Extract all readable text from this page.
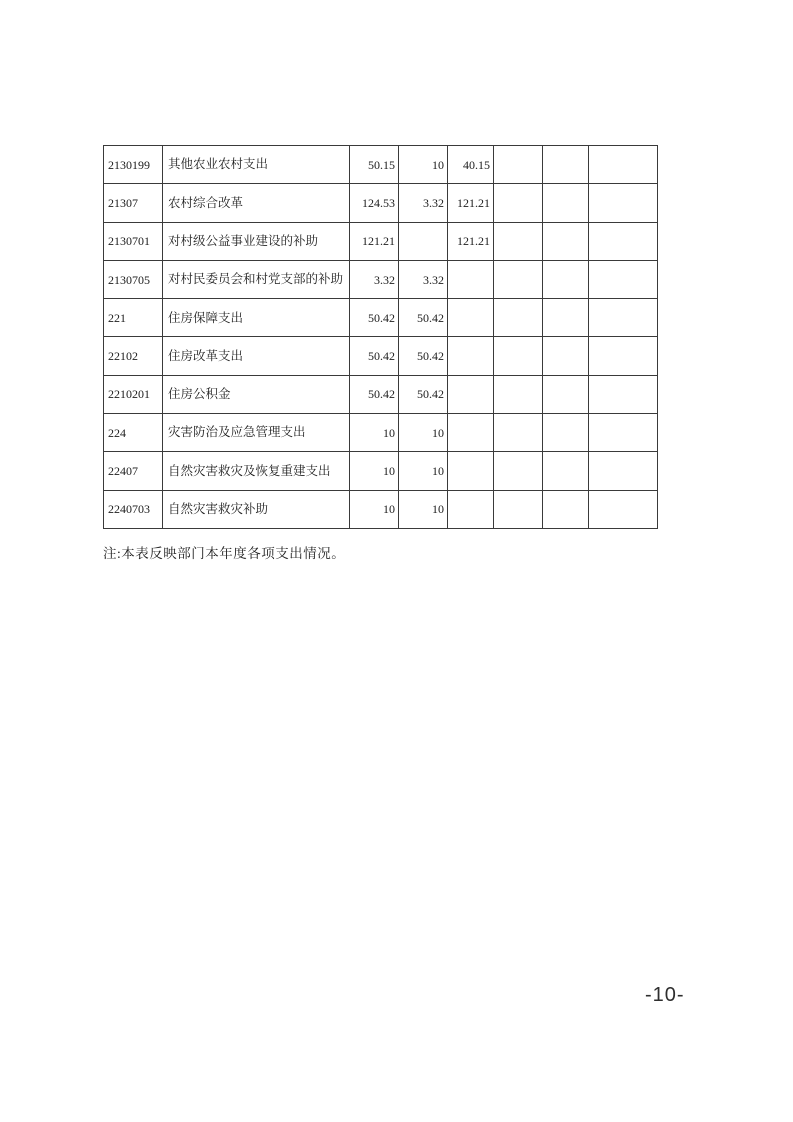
2130199	其他农业农村支出	50.15	10	40.15			
21307	农村综合改革	124.53	3.32	121.21			
2130701	对村级公益事业建设的补助	121.21		121.21			
2130705	对村民委员会和村党支部的补助	3.32	3.32				
221	住房保障支出	50.42	50.42				
22102	住房改革支出	50.42	50.42				
2210201	住房公积金	50.42	50.42				
224	灾害防治及应急管理支出	10	10				
22407	自然灾害救灾及恢复重建支出	10	10				
2240703	自然灾害救灾补助	10	10				
注:本表反映部门本年度各项支出情况。
-10-
